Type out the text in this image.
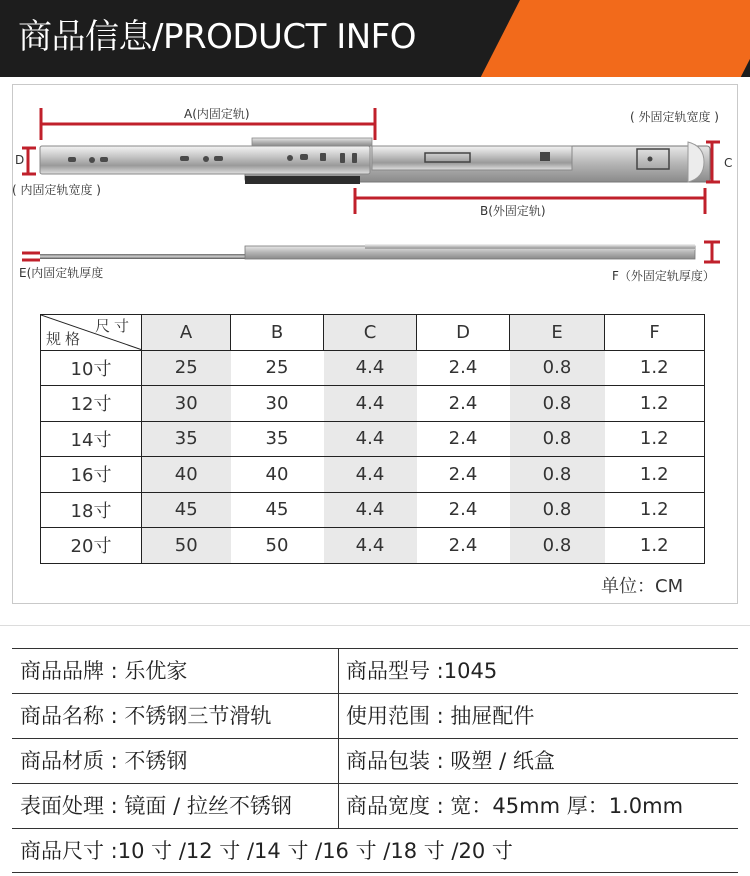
商品信息/PRODUCT INFO
A(内固定轨)	( 外固定轨宽度 )
D
( 内固定轨宽度 )
C
B(外固定轨)
E(内固定轨厚度	F（外固定轨厚度）
尺寸
规格	A	B	C	D	E	F
10寸	25	25	4.4	2.4	0.8	1.2
12寸	30	30	4.4	2.4	0.8	1.2
14寸	35	35	4.4	2.4	0.8	1.2
16寸	40	40	4.4	2.4	0.8	1.2
18寸	45	45	4.4	2.4	0.8	1.2
20寸	50	50	4.4	2.4	0.8	1.2
单位：CM
商品品牌 : 乐优家	商品型号 :1045
商品名称 : 不锈钢三节滑轨	使用范围 : 抽屉配件
商品材质 : 不锈钢	商品包装 : 吸塑 / 纸盒
表面处理 : 镜面 / 拉丝不锈钢	商品宽度 : 宽：45mm 厚：1.0mm
商品尺寸 :10 寸 /12 寸 /14 寸 /16 寸 /18 寸 /20 寸
